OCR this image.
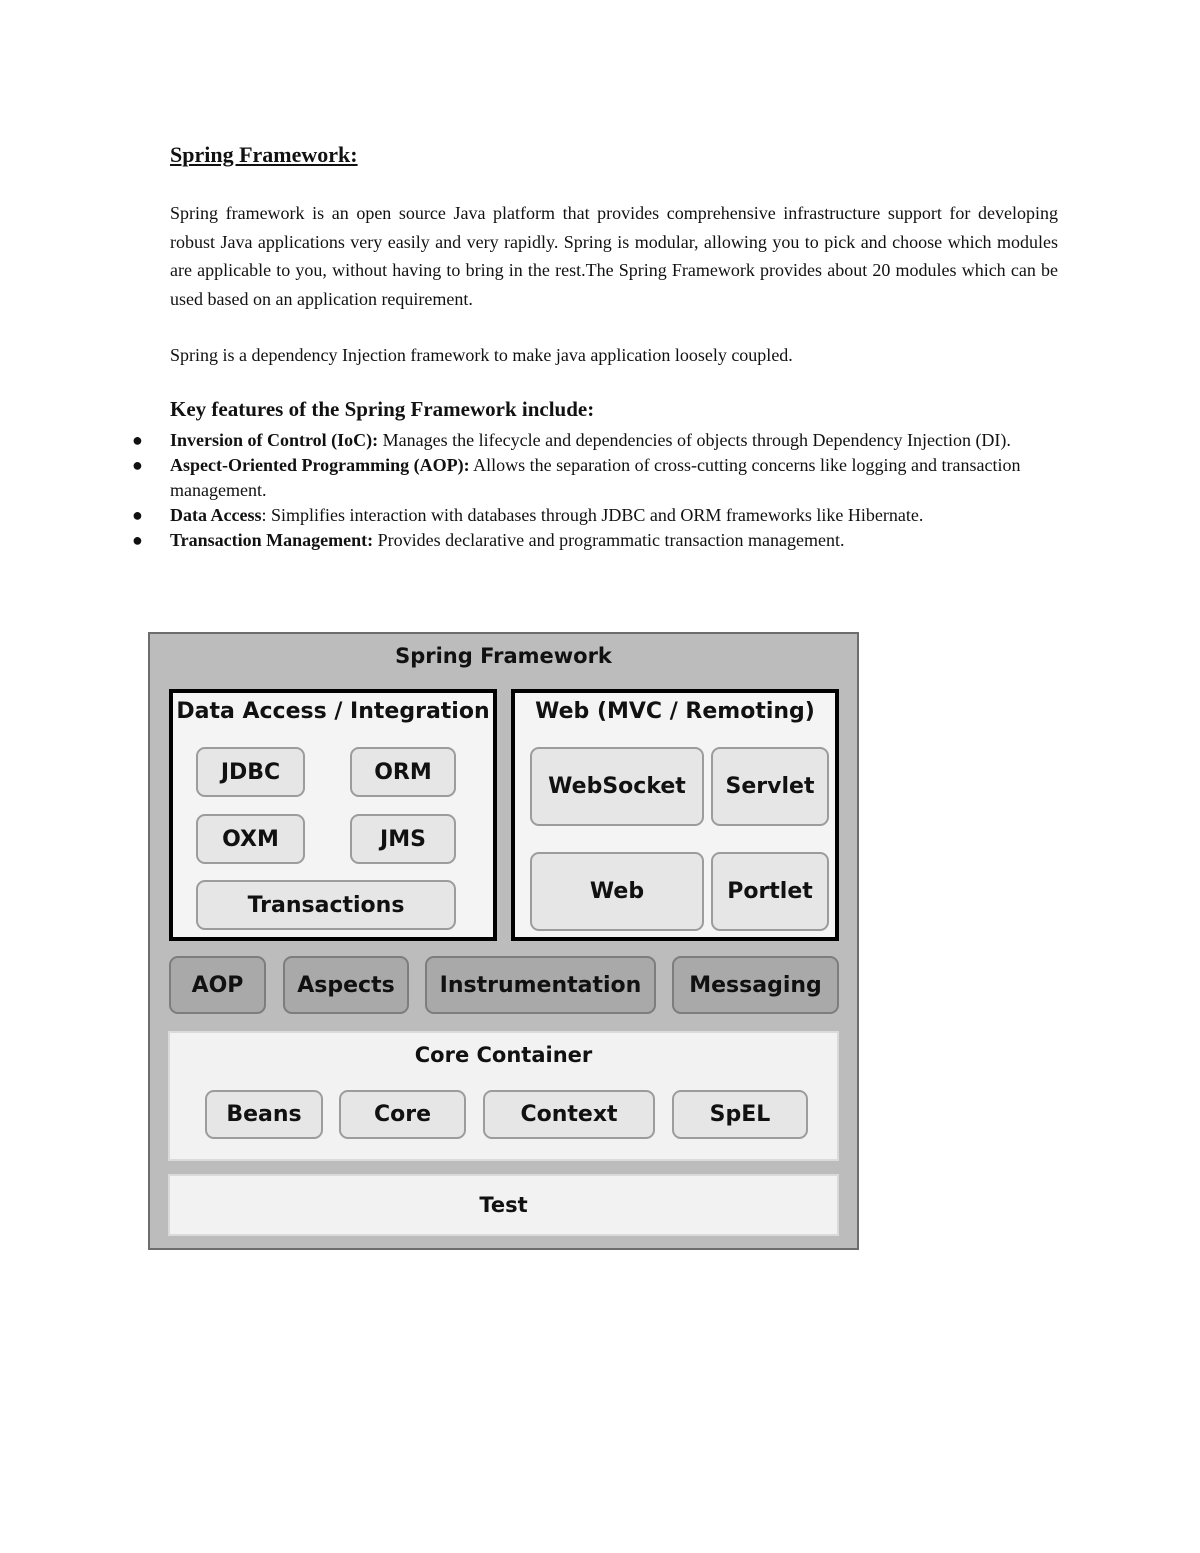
Spring Framework:

Spring framework is an open source Java platform that provides comprehensive infrastructure support for developing robust Java applications very easily and very rapidly. Spring is modular, allowing you to pick and choose which modules are applicable to you, without having to bring in the rest.The Spring Framework provides about 20 modules which can be used based on an application requirement.

Spring is a dependency Injection framework to make java application loosely coupled.

Key features of the Spring Framework include:
● Inversion of Control (IoC): Manages the lifecycle and dependencies of objects through Dependency Injection (DI).
● Aspect-Oriented Programming (AOP): Allows the separation of cross-cutting concerns like logging and transaction management.
● Data Access: Simplifies interaction with databases through JDBC and ORM frameworks like Hibernate.
● Transaction Management: Provides declarative and programmatic transaction management.
Spring Framework
Data Access / Integration
JDBC	ORM
OXM	JMS
Transactions
Web (MVC / Remoting)
WebSocket	Servlet
Web	Portlet
AOP	Aspects	Instrumentation	Messaging
Core Container
Beans	Core	Context	SpEL
Test
